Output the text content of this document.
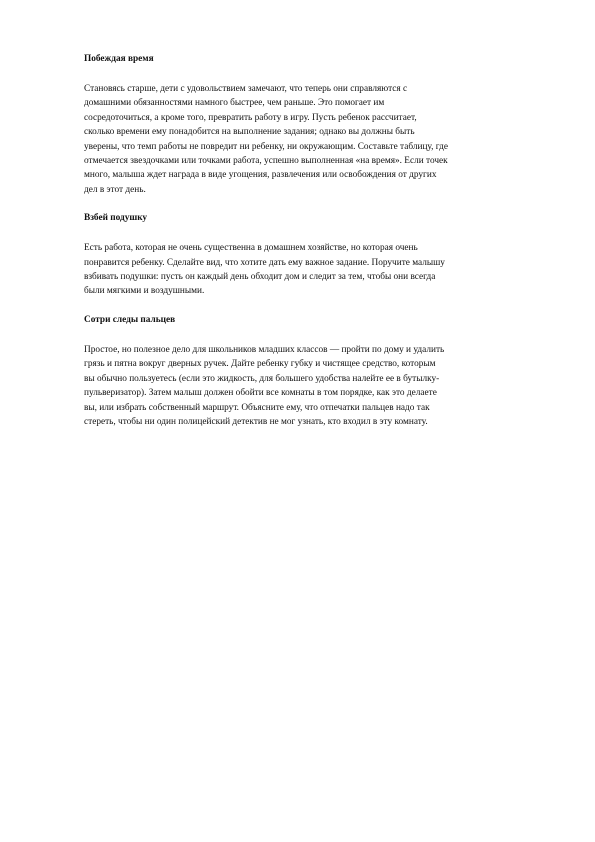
Побеждая время

Становясь старше, дети с удовольствием замечают, что теперь они справляются с
домашними обязанностями намного быстрее, чем раньше. Это помогает им
сосредоточиться, а кроме того, превратить работу в игру. Пусть ребенок рассчитает,
сколько времени ему понадобится на выполнение задания; однако вы должны быть
уверены, что темп работы не повредит ни ребенку, ни окружающим. Составьте таблицу, где
отмечается звездочками или точками работа, успешно выполненная «на время». Если точек
много, малыша ждет награда в виде угощения, развлечения или освобождения от других
дел в этот день.

Взбей подушку

Есть работа, которая не очень существенна в домашнем хозяйстве, но которая очень
понравится ребенку. Сделайте вид, что хотите дать ему важное задание. Поручите малышу
взбивать подушки: пусть он каждый день обходит дом и следит за тем, чтобы они всегда
были мягкими и воздушными.

Сотри следы пальцев

Простое, но полезное дело для школьников младших классов — пройти по дому и удалить
грязь и пятна вокруг дверных ручек. Дайте ребенку губку и чистящее средство, которым
вы обычно пользуетесь (если это жидкость, для большего удобства налейте ее в бутылку-
пульверизатор). Затем малыш должен обойти все комнаты в том порядке, как это делаете
вы, или избрать собственный маршрут. Объясните ему, что отпечатки пальцев надо так
стереть, чтобы ни один полицейский детектив не мог узнать, кто входил в эту комнату.
